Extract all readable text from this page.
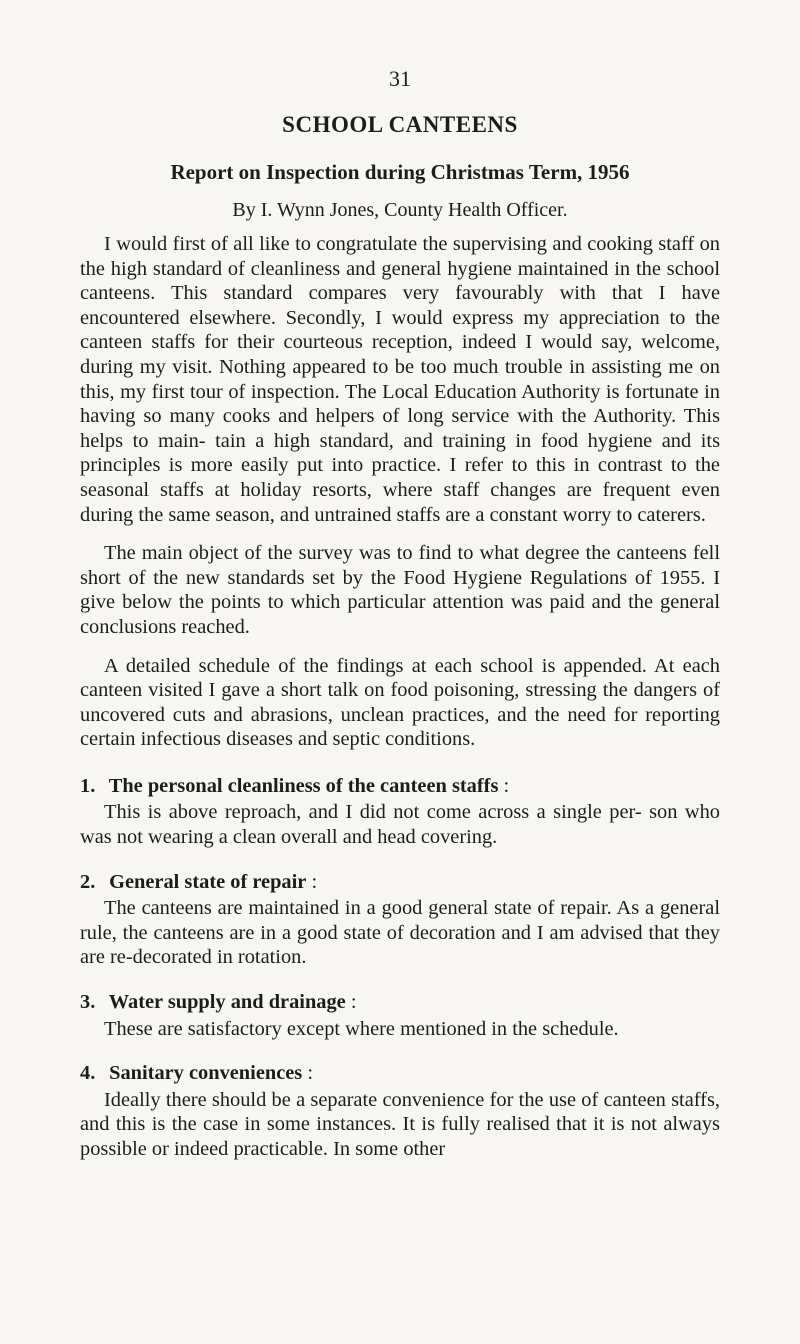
31
SCHOOL CANTEENS
Report on Inspection during Christmas Term, 1956
By I. Wynn Jones, County Health Officer.

I would first of all like to congratulate the supervising and cooking staff on the high standard of cleanliness and general hygiene maintained in the school canteens. This standard compares very favourably with that I have encountered elsewhere. Secondly, I would express my appreciation to the canteen staffs for their courteous reception, indeed I would say, welcome, during my visit. Nothing appeared to be too much trouble in assisting me on this, my first tour of inspection. The Local Education Authority is fortunate in having so many cooks and helpers of long service with the Authority. This helps to main- tain a high standard, and training in food hygiene and its principles is more easily put into practice. I refer to this in contrast to the seasonal staffs at holiday resorts, where staff changes are frequent even during the same season, and untrained staffs are a constant worry to caterers.

The main object of the survey was to find to what degree the canteens fell short of the new standards set by the Food Hygiene Regulations of 1955. I give below the points to which particular attention was paid and the general conclusions reached.

A detailed schedule of the findings at each school is appended. At each canteen visited I gave a short talk on food poisoning, stressing the dangers of uncovered cuts and abrasions, unclean practices, and the need for reporting certain infectious diseases and septic conditions.

1. The personal cleanliness of the canteen staffs :

This is above reproach, and I did not come across a single per- son who was not wearing a clean overall and head covering.

2. General state of repair :

The canteens are maintained in a good general state of repair. As a general rule, the canteens are in a good state of decoration and I am advised that they are re-decorated in rotation.

3. Water supply and drainage :

These are satisfactory except where mentioned in the schedule.

4. Sanitary conveniences :

Ideally there should be a separate convenience for the use of canteen staffs, and this is the case in some instances. It is fully realised that it is not always possible or indeed practicable. In some other
